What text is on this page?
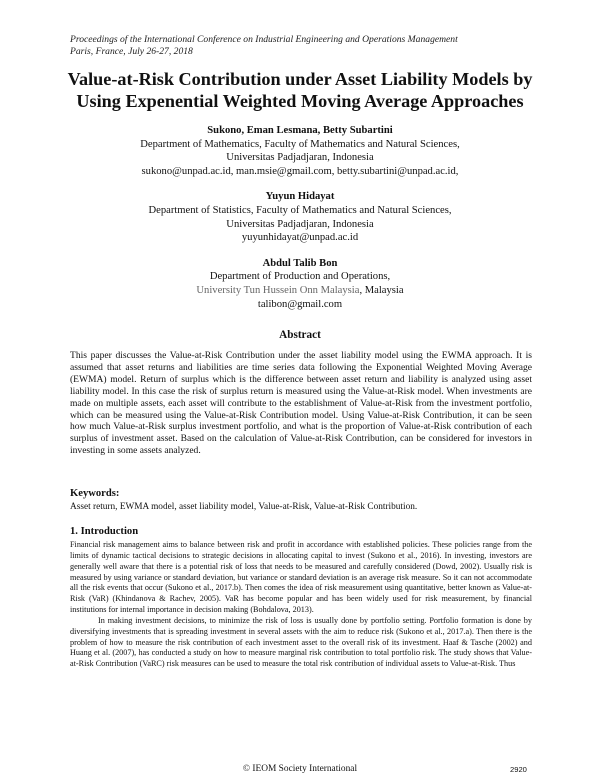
Proceedings of the International Conference on Industrial Engineering and Operations Management
Paris, France, July 26-27, 2018
Value-at-Risk Contribution under Asset Liability Models by
Using Expenential Weighted Moving Average Approaches
Sukono, Eman Lesmana, Betty Subartini
Department of Mathematics, Faculty of Mathematics and Natural Sciences,
Universitas Padjadjaran, Indonesia
sukono@unpad.ac.id, man.msie@gmail.com, betty.subartini@unpad.ac.id,
Yuyun Hidayat
Department of Statistics, Faculty of Mathematics and Natural Sciences,
Universitas Padjadjaran, Indonesia
yuyunhidayat@unpad.ac.id
Abdul Talib Bon
Department of Production and Operations,
University Tun Hussein Onn Malaysia, Malaysia
talibon@gmail.com
Abstract
This paper discusses the Value-at-Risk Contribution under the asset liability model using the EWMA approach. It is assumed that asset returns and liabilities are time series data following the Exponential Weighted Moving Average (EWMA) model. Return of surplus which is the difference between asset return and liability is analyzed using asset liability model. In this case the risk of surplus return is measured using the Value-at-Risk model. When investments are made on multiple assets, each asset will contribute to the establishment of Value-at-Risk from the investment portfolio, which can be measured using the Value-at-Risk Contribution model. Using Value-at-Risk Contribution, it can be seen how much Value-at-Risk surplus investment portfolio, and what is the proportion of Value-at-Risk contribution of each surplus of investment asset. Based on the calculation of Value-at-Risk Contribution, can be considered for investors in investing in some assets analyzed.
Keywords:
Asset return, EWMA model, asset liability model, Value-at-Risk, Value-at-Risk Contribution.
1. Introduction

Financial risk management aims to balance between risk and profit in accordance with established policies. These policies range from the limits of dynamic tactical decisions to strategic decisions in allocating capital to invest (Sukono et al., 2016). In investing, investors are generally well aware that there is a potential risk of loss that needs to be measured and carefully considered (Dowd, 2002). Usually risk is measured by using variance or standard deviation, but variance or standard deviation is an average risk measure. So it can not accommodate all the risk events that occur (Sukono et al., 2017.b). Then comes the idea of risk measurement using quantitative, better known as Value-at-Risk (VaR) (Khindanova & Rachev, 2005). VaR has become popular and has been widely used for risk measurement, by financial institutions for internal importance in decision making (Bohdalova, 2013).

In making investment decisions, to minimize the risk of loss is usually done by portfolio setting. Portfolio formation is done by diversifying investments that is spreading investment in several assets with the aim to reduce risk (Sukono et al., 2017.a). Then there is the problem of how to measure the risk contribution of each investment asset to the overall risk of its investment. Haaf & Tasche (2002) and Huang et al. (2007), has conducted a study on how to measure marginal risk contribution to total portfolio risk. The study shows that Value-at-Risk Contribution (VaRC) risk measures can be used to measure the total risk contribution of individual assets to Value-at-Risk. Thus

© IEOM Society International	2920
